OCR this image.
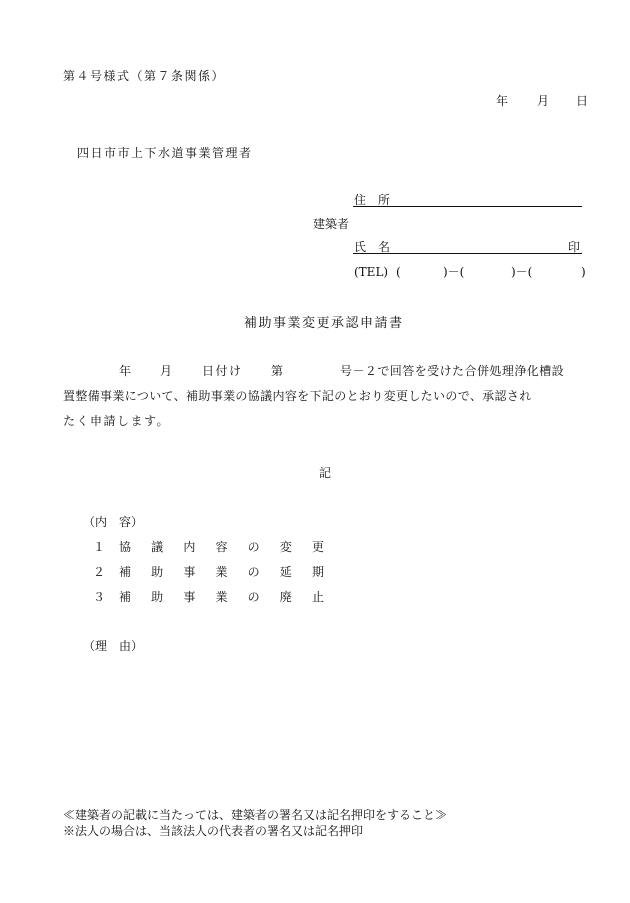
第４号様式（第７条関係）
年 月 日
四日市市上下水道事業管理者
住　所
建築者
氏　名	印
(TEL) (	)－(	)－(	)
補助事業変更承認申請書
年 月 日付け 第	号－２で回答を受けた合併処理浄化槽設
置整備事業について、補助事業の協議内容を下記のとおり変更したいので、承認され
たく申請します。
記
（内　容）
１ 協 議 内 容 の 変 更
２ 補 助 事 業 の 延 期
３ 補 助 事 業 の 廃 止
（理　由）
≪建築者の記載に当たっては、建築者の署名又は記名押印をすること≫
※法人の場合は、当該法人の代表者の署名又は記名押印
